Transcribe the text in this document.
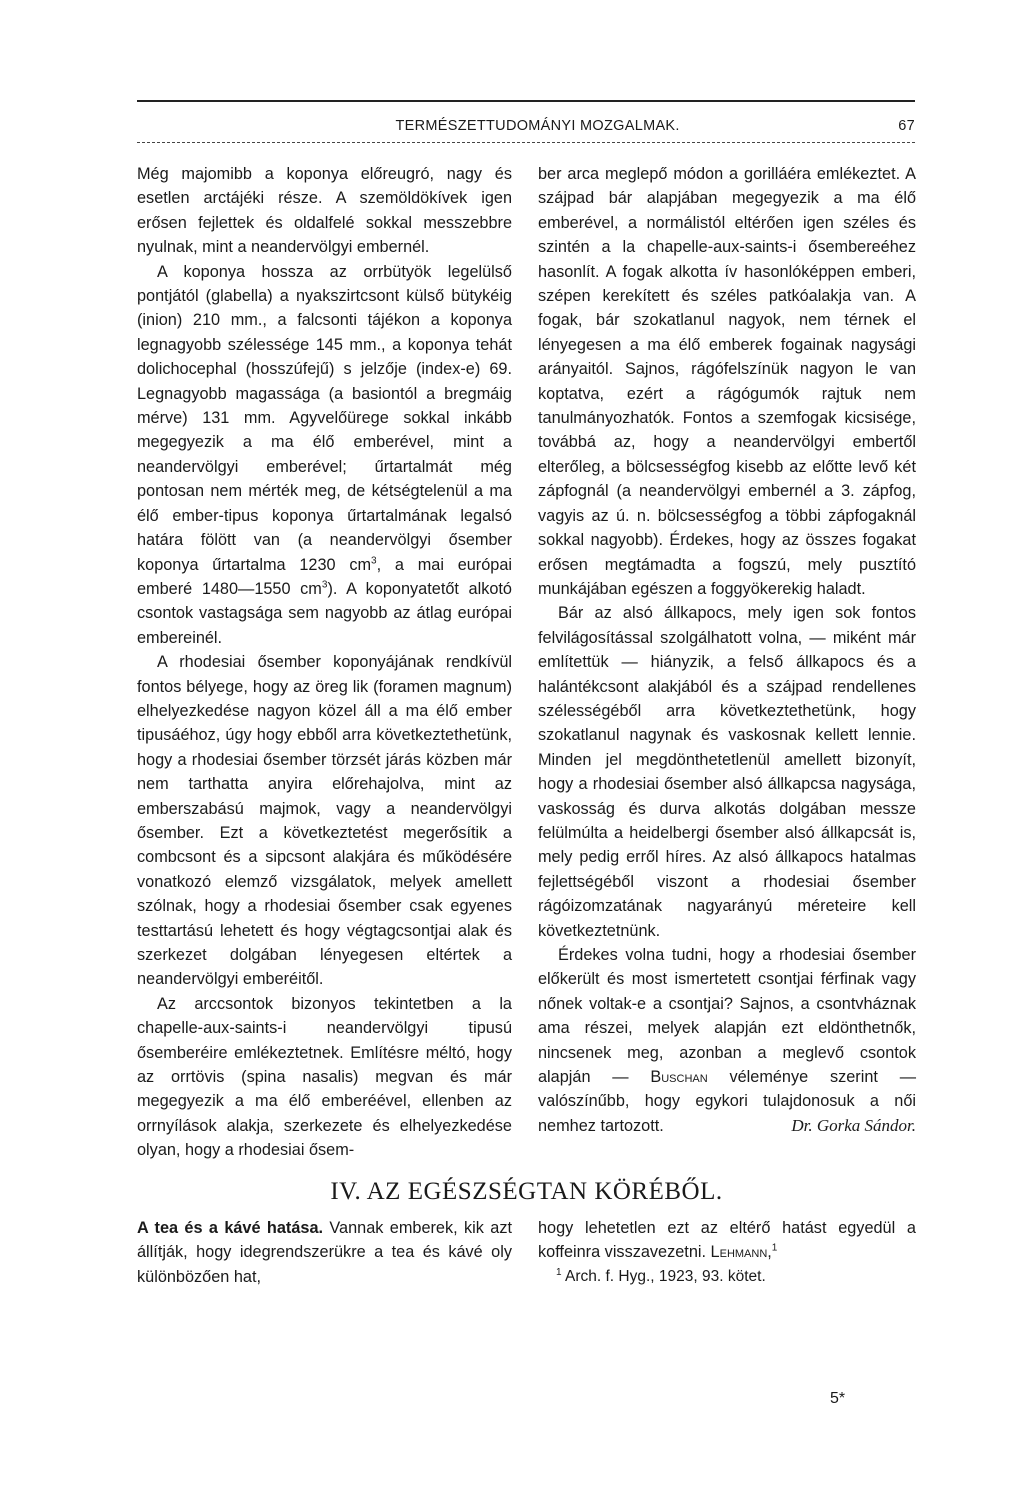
TERMÉSZETTUDOMÁNYI MOZGALMAK.	67

Még majomibb a koponya előreugró, nagy és esetlen arctájéki része. A szemöldökívek igen erősen fejlettek és oldalfelé sokkal messzebbre nyulnak, mint a neandervölgyi embernél.

A koponya hossza az orrbütyök legelülső pontjától (glabella) a nyakszirtcsont külső bütykéig (inion) 210 mm., a falcsonti tájékon a koponya legnagyobb szélessége 145 mm., a koponya tehát dolichocephal (hosszúfejű) s jelzője (index-e) 69. Legnagyobb magassága (a basiontól a bregmáig mérve) 131 mm. Agyvelőürege sokkal inkább megegyezik a ma élő emberével, mint a neandervölgyi emberével; űrtartalmát még pontosan nem mérték meg, de kétségtelenül a ma élő ember-tipus koponya űrtartalmának legalsó határa fölött van (a neandervölgyi ősember koponya űrtartalma 1230 $cm^3$, a mai európai emberé 1480—1550 $cm^3$). A koponyatetőt alkotó csontok vastagsága sem nagyobb az átlag európai embereinél.

A rhodesiai ősember koponyájának rendkívül fontos bélyege, hogy az öreg lik (foramen magnum) elhelyezkedése nagyon közel áll a ma élő ember tipusáéhoz, úgy hogy ebből arra következtethetünk, hogy a rhodesiai ősember törzsét járás közben már nem tarthatta anyira előrehajolva, mint az emberszabású majmok, vagy a neandervölgyi ősember. Ezt a következtetést megerősítik a combcsont és a sipcsont alakjára és működésére vonatkozó elemző vizsgálatok, melyek amellett szólnak, hogy a rhodesiai ősember csak egyenes testtartású lehetett és hogy végtagcsontjai alak és szerkezet dolgában lényegesen eltértek a neandervölgyi emberéitől.

Az arccsontok bizonyos tekintetben a la chapelle-aux-saints-i neandervölgyi tipusú ősemberéire emlékeztetnek. Említésre méltó, hogy az orrtövis (spina nasalis) megvan és már megegyezik a ma élő emberéével, ellenben az orrnyílások alakja, szerkezete és elhelyezkedése olyan, hogy a rhodesiai ősem-

ber arca meglepő módon a gorilláéra emlékeztet. A szájpad bár alapjában megegyezik a ma élő emberével, a normálistól eltérően igen széles és szintén a la chapelle-aux-saints-i ősembereéhez hasonlít. A fogak alkotta ív hasonlóképpen emberi, szépen kerekített és széles patkóalakja van. A fogak, bár szokatlanul nagyok, nem térnek el lényegesen a ma élő emberek fogainak nagysági arányaitól. Sajnos, rágófelszínük nagyon le van koptatva, ezért a rágógumók rajtuk nem tanulmányozhatók. Fontos a szemfogak kicsisége, továbbá az, hogy a neandervölgyi embertől elterőleg, a bölcsességfog kisebb az előtte levő két zápfognál (a neandervölgyi embernél a 3. zápfog, vagyis az ú. n. bölcsességfog a többi zápfogaknál sokkal nagyobb). Érdekes, hogy az összes fogakat erősen megtámadta a fogszú, mely pusztító munkájában egészen a foggyökerekig haladt.

Bár az alsó állkapocs, mely igen sok fontos felvilágosítással szolgálhatott volna, — miként már említettük — hiányzik, a felső állkapocs és a halántékcsont alakjából és a szájpad rendellenes szélességéből arra következtethetünk, hogy szokatlanul nagynak és vaskosnak kellett lennie. Minden jel megdönthetetlenül amellett bizonyít, hogy a rhodesiai ősember alsó állkapcsa nagysága, vaskosság és durva alkotás dolgában messze felülmúlta a heidelbergi ősember alsó állkapcsát is, mely pedig erről híres. Az alsó állkapocs hatalmas fejlettségéből viszont a rhodesiai ősember rágóizomzatának nagyarányú méreteire kell következtetnünk.

Érdekes volna tudni, hogy a rhodesiai ősember előkerült és most ismertetett csontjai férfinak vagy nőnek voltak-e a csontjai? Sajnos, a csontvháznak ama részei, melyek alapján ezt eldönthetnők, nincsenek meg, azonban a meglevő csontok alapján — Buschan véleménye szerint — valószínűbb, hogy egykori tulajdonosuk a női nemhez tartozott.	Dr. Gorka Sándor.

IV. AZ EGÉSZSÉGTAN KÖRÉBŐL.

A tea és a kávé hatása. Vannak emberek, kik azt állítják, hogy idegrendszerükre a tea és kávé oly különbözően hat,

hogy lehetetlen ezt az eltérő hatást egyedül a koffeinra visszavezetni. Lehmann,$^1$

$^1$ Arch. f. Hyg., 1923, 93. kötet.

5*
